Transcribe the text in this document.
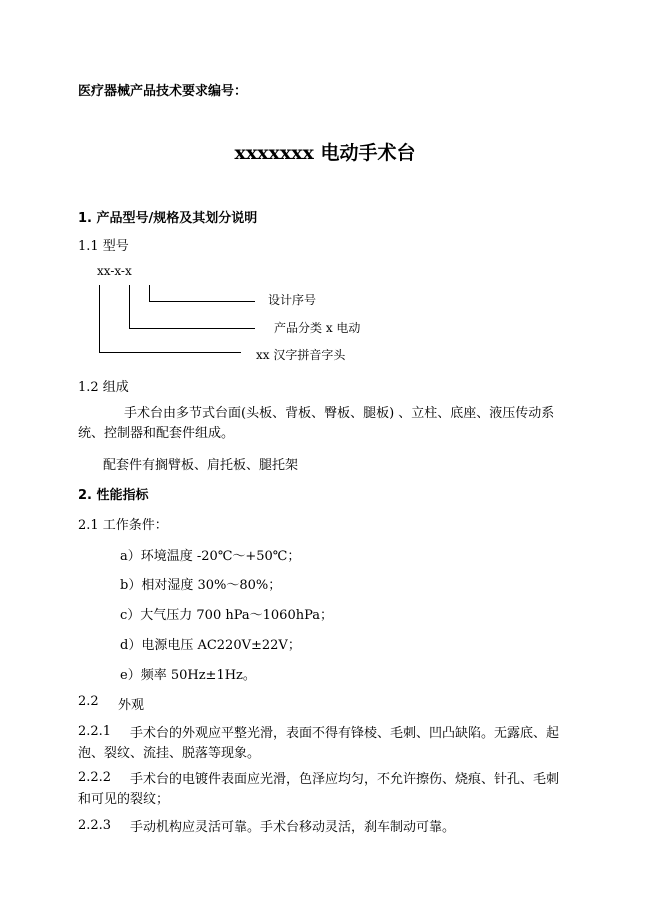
医疗器械产品技术要求编号：
xxxxxxx 电动手术台
1. 产品型号/规格及其划分说明
1.1 型号
xx-x-x
设计序号
产品分类 x 电动
xx 汉字拼音字头
1.2 组成
手术台由多节式台面(头板、背板、臀板、腿板) 、立柱、底座、液压传动系统、控制器和配套件组成。
配套件有搁臂板、肩托板、腿托架
2. 性能指标
2.1 工作条件：
a）环境温度 -20℃～+50℃；
b）相对湿度 30%～80%；
c）大气压力 700 hPa～1060hPa；
d）电源电压 AC220V±22V；
e）频率 50Hz±1Hz。
2.2 外观
2.2.1	手术台的外观应平整光滑，表面不得有锋棱、毛刺、凹凸缺陷。无露底、起泡、裂纹、流挂、脱落等现象。
2.2.2	手术台的电镀件表面应光滑，色泽应均匀，不允许擦伤、烧痕、针孔、毛刺和可见的裂纹；
2.2.3	手动机构应灵活可靠。手术台移动灵活，刹车制动可靠。
